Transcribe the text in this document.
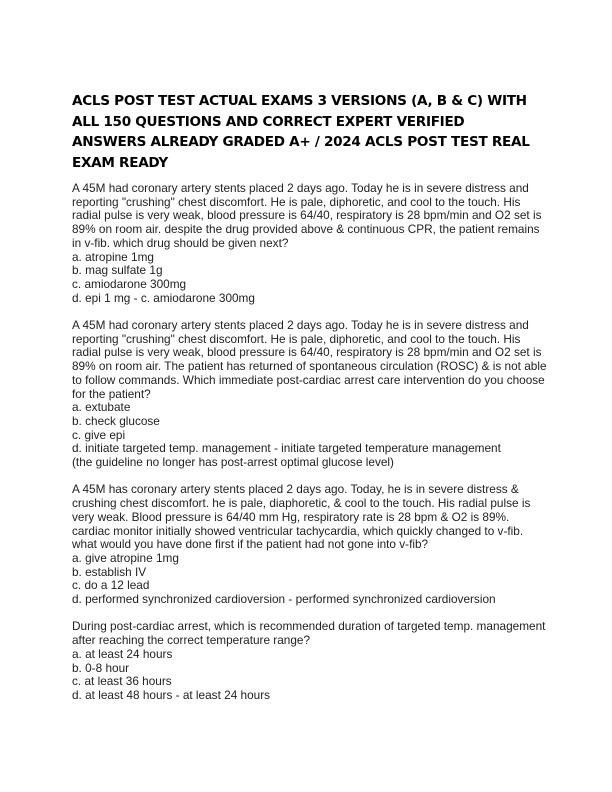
ACLS POST TEST ACTUAL EXAMS 3 VERSIONS (A, B & C) WITH ALL 150 QUESTIONS AND CORRECT EXPERT VERIFIED ANSWERS ALREADY GRADED A+ / 2024 ACLS POST TEST REAL EXAM READY
A 45M had coronary artery stents placed 2 days ago. Today he is in severe distress and reporting "crushing" chest discomfort. He is pale, diphoretic, and cool to the touch. His radial pulse is very weak, blood pressure is 64/40, respiratory is 28 bpm/min and O2 set is 89% on room air. despite the drug provided above & continuous CPR, the patient remains in v-fib. which drug should be given next?
a. atropine 1mg
b. mag sulfate 1g
c. amiodarone 300mg
d. epi 1 mg - c. amiodarone 300mg
A 45M had coronary artery stents placed 2 days ago. Today he is in severe distress and reporting "crushing" chest discomfort. He is pale, diphoretic, and cool to the touch. His radial pulse is very weak, blood pressure is 64/40, respiratory is 28 bpm/min and O2 set is 89% on room air. The patient has returned of spontaneous circulation (ROSC) & is not able to follow commands. Which immediate post-cardiac arrest care intervention do you choose for the patient?
a. extubate
b. check glucose
c. give epi
d. initiate targeted temp. management - initiate targeted temperature management
(the guideline no longer has post-arrest optimal glucose level)
A 45M has coronary artery stents placed 2 days ago. Today, he is in severe distress & crushing chest discomfort. he is pale, diaphoretic, & cool to the touch. His radial pulse is very weak. Blood pressure is 64/40 mm Hg, respiratory rate is 28 bpm & O2 is 89%. cardiac monitor initially showed ventricular tachycardia, which quickly changed to v-fib. what would you have done first if the patient had not gone into v-fib?
a. give atropine 1mg
b. establish IV
c. do a 12 lead
d. performed synchronized cardioversion - performed synchronized cardioversion
During post-cardiac arrest, which is recommended duration of targeted temp. management after reaching the correct temperature range?
a. at least 24 hours
b. 0-8 hour
c. at least 36 hours
d. at least 48 hours - at least 24 hours
